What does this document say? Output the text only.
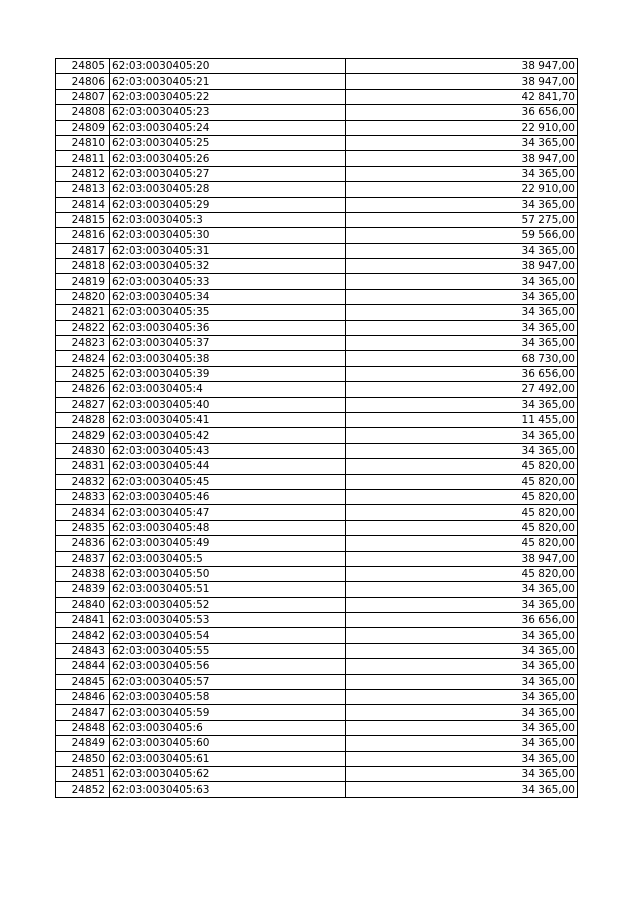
24805	62:03:0030405:20	38 947,00
24806	62:03:0030405:21	38 947,00
24807	62:03:0030405:22	42 841,70
24808	62:03:0030405:23	36 656,00
24809	62:03:0030405:24	22 910,00
24810	62:03:0030405:25	34 365,00
24811	62:03:0030405:26	38 947,00
24812	62:03:0030405:27	34 365,00
24813	62:03:0030405:28	22 910,00
24814	62:03:0030405:29	34 365,00
24815	62:03:0030405:3	57 275,00
24816	62:03:0030405:30	59 566,00
24817	62:03:0030405:31	34 365,00
24818	62:03:0030405:32	38 947,00
24819	62:03:0030405:33	34 365,00
24820	62:03:0030405:34	34 365,00
24821	62:03:0030405:35	34 365,00
24822	62:03:0030405:36	34 365,00
24823	62:03:0030405:37	34 365,00
24824	62:03:0030405:38	68 730,00
24825	62:03:0030405:39	36 656,00
24826	62:03:0030405:4	27 492,00
24827	62:03:0030405:40	34 365,00
24828	62:03:0030405:41	11 455,00
24829	62:03:0030405:42	34 365,00
24830	62:03:0030405:43	34 365,00
24831	62:03:0030405:44	45 820,00
24832	62:03:0030405:45	45 820,00
24833	62:03:0030405:46	45 820,00
24834	62:03:0030405:47	45 820,00
24835	62:03:0030405:48	45 820,00
24836	62:03:0030405:49	45 820,00
24837	62:03:0030405:5	38 947,00
24838	62:03:0030405:50	45 820,00
24839	62:03:0030405:51	34 365,00
24840	62:03:0030405:52	34 365,00
24841	62:03:0030405:53	36 656,00
24842	62:03:0030405:54	34 365,00
24843	62:03:0030405:55	34 365,00
24844	62:03:0030405:56	34 365,00
24845	62:03:0030405:57	34 365,00
24846	62:03:0030405:58	34 365,00
24847	62:03:0030405:59	34 365,00
24848	62:03:0030405:6	34 365,00
24849	62:03:0030405:60	34 365,00
24850	62:03:0030405:61	34 365,00
24851	62:03:0030405:62	34 365,00
24852	62:03:0030405:63	34 365,00
